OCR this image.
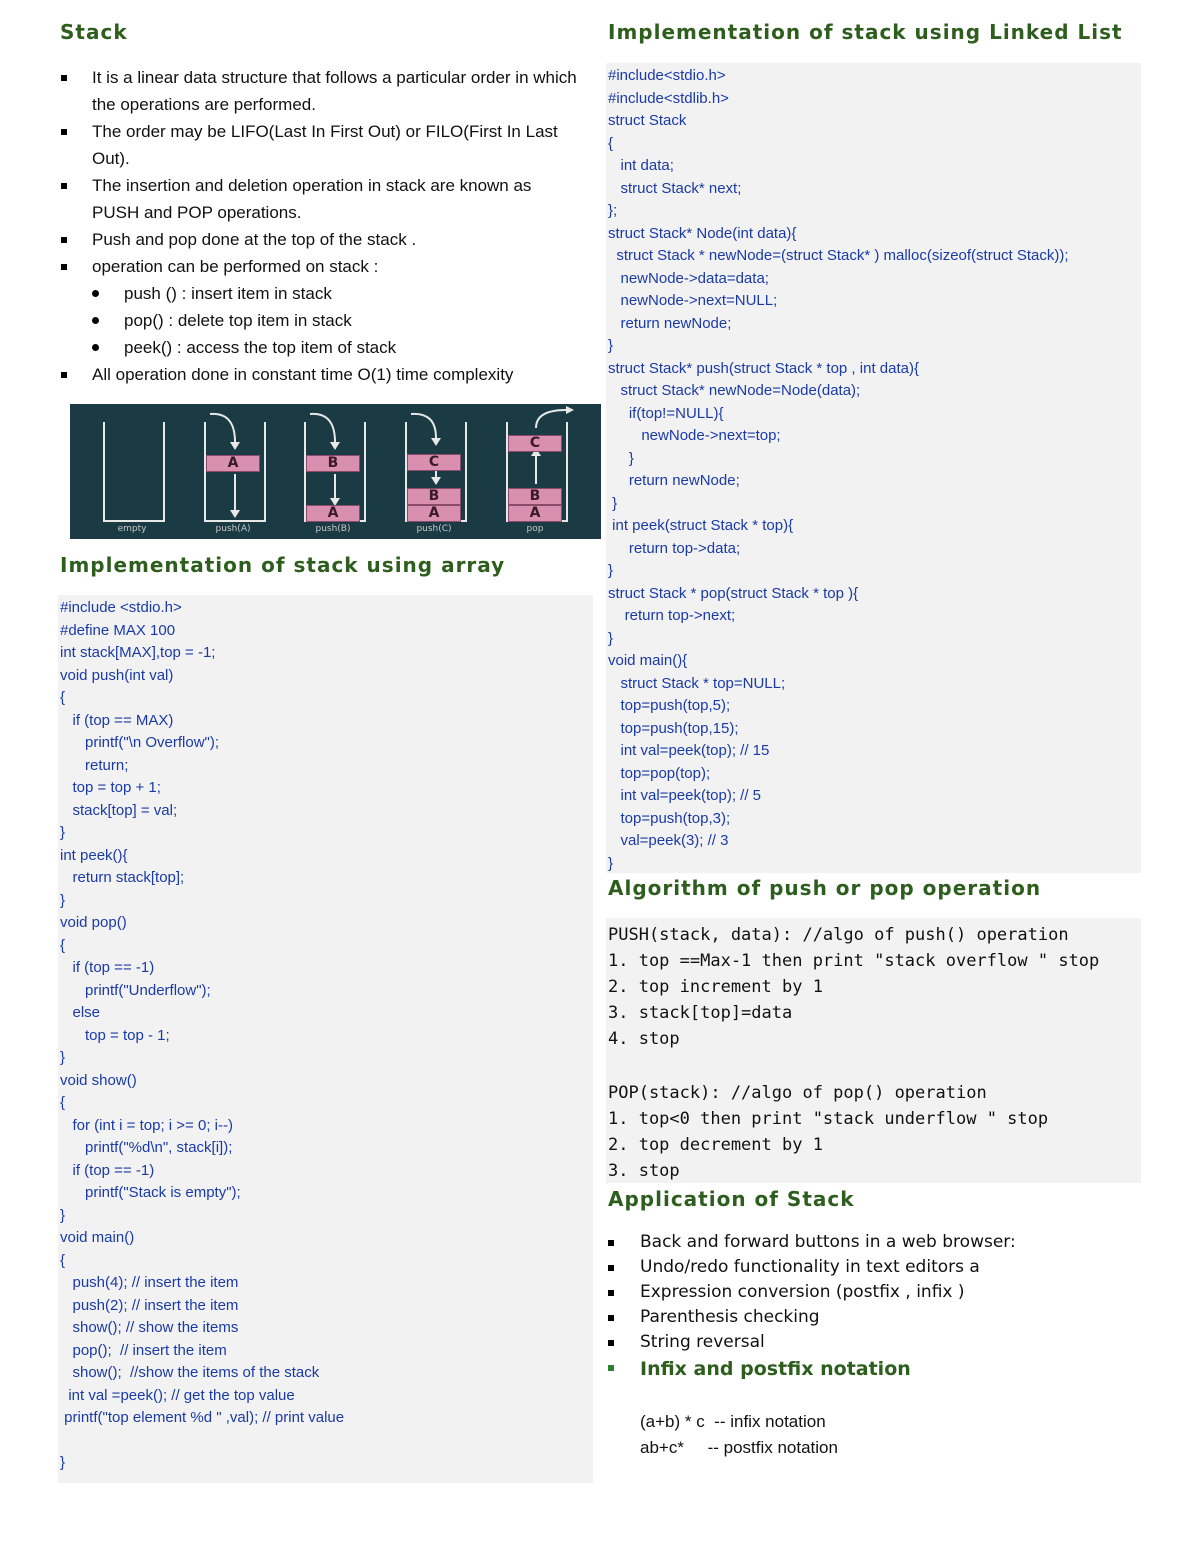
Stack
It is a linear data structure that follows a particular order in which the operations are performed.
The order may be LIFO(Last In First Out) or FILO(First In Last Out).
The insertion and deletion operation in stack are known as PUSH and POP operations.
Push and pop done at the top of the stack .
operation can be performed on stack :
push () : insert item in stack
pop() : delete top item in stack
peek() : access the top item of stack
All operation done in constant time O(1) time complexity
A	B
A
C
B
A
C
B
A
empty	push(A)	push(B)	push(C)	pop
Implementation of stack using array
#include <stdio.h>
#define MAX 100
int stack[MAX],top = -1;
void push(int val)
{
if (top == MAX)
printf("\n Overflow");
return;
top = top + 1;
stack[top] = val;
}
int peek(){
return stack[top];
}
void pop()
{
if (top == -1)
printf("Underflow");
else
top = top - 1;
}
void show()
{
for (int i = top; i >= 0; i--)
printf("%d\n", stack[i]);
if (top == -1)
printf("Stack is empty");
}
void main()
{
push(4); // insert the item
push(2); // insert the item
show(); // show the items
pop();  // insert the item
show();  //show the items of the stack
int val =peek(); // get the top value
printf("top element %d " ,val); // print value
}
Implementation of stack using Linked List
#include<stdio.h>
#include<stdlib.h>
struct Stack
{
int data;
struct Stack* next;
};
struct Stack* Node(int data){
struct Stack * newNode=(struct Stack* ) malloc(sizeof(struct Stack));
newNode->data=data;
newNode->next=NULL;
return newNode;
}
struct Stack* push(struct Stack * top , int data){
struct Stack* newNode=Node(data);
if(top!=NULL){
newNode->next=top;
}
return newNode;
}
int peek(struct Stack * top){
return top->data;
}
struct Stack * pop(struct Stack * top ){
return top->next;
}
void main(){
struct Stack * top=NULL;
top=push(top,5);
top=push(top,15);
int val=peek(top); // 15
top=pop(top);
int val=peek(top); // 5
top=push(top,3);
val=peek(3); // 3
}
Algorithm of push or pop operation
PUSH(stack, data): //algo of push() operation
1. top ==Max-1 then print "stack overflow " stop
2. top increment by 1
3. stack[top]=data
4. stop
POP(stack): //algo of pop() operation
1. top<0 then print "stack underflow " stop
2. top decrement by 1
3. stop
Application of Stack
Back and forward buttons in a web browser:
Undo/redo functionality in text editors a
Expression conversion (postfix , infix )
Parenthesis checking
String reversal
Infix and postfix notation
(a+b) * c  -- infix notation
ab+c*     -- postfix notation
